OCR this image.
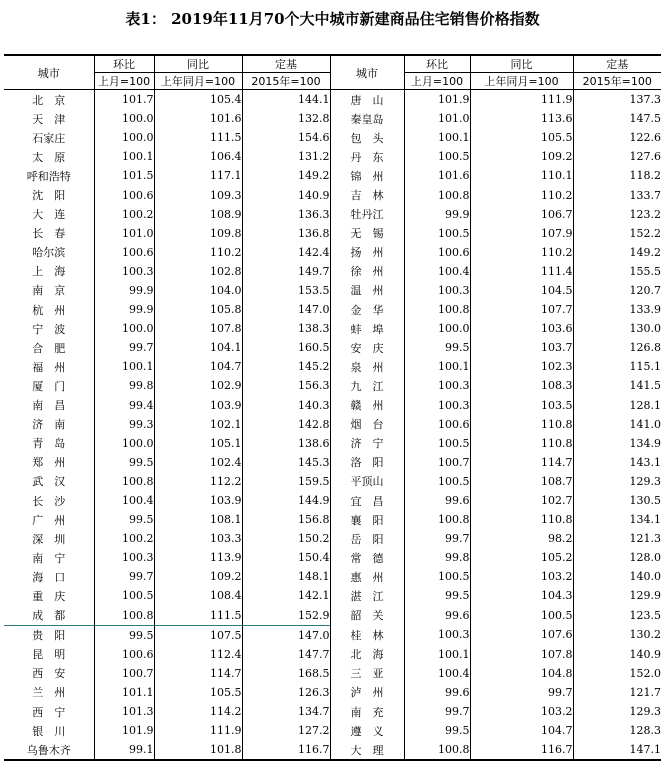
表1： 2019年11月70个大中城市新建商品住宅销售价格指数
城市	环比	同比	定基	城市	环比	同比	定基
	上月=100	上年同月=100	2015年=100		上月=100	上年同月=100	2015年=100
北　京	101.7	105.4	144.1	唐　山	101.9	111.9	137.3
天　津	100.0	101.6	132.8	秦皇岛	101.0	113.6	147.5
石家庄	100.0	111.5	154.6	包　头	100.1	105.5	122.6
太　原	100.1	106.4	131.2	丹　东	100.5	109.2	127.6
呼和浩特	101.5	117.1	149.2	锦　州	101.6	110.1	118.2
沈　阳	100.6	109.3	140.9	吉　林	100.8	110.2	133.7
大　连	100.2	108.9	136.3	牡丹江	99.9	106.7	123.2
长　春	101.0	109.8	136.8	无　锡	100.5	107.9	152.2
哈尔滨	100.6	110.2	142.4	扬　州	100.6	110.2	149.2
上　海	100.3	102.8	149.7	徐　州	100.4	111.4	155.5
南　京	99.9	104.0	153.5	温　州	100.3	104.5	120.7
杭　州	99.9	105.8	147.0	金　华	100.8	107.7	133.9
宁　波	100.0	107.8	138.3	蚌　埠	100.0	103.6	130.0
合　肥	99.7	104.1	160.5	安　庆	99.5	103.7	126.8
福　州	100.1	104.7	145.2	泉　州	100.1	102.3	115.1
厦　门	99.8	102.9	156.3	九　江	100.3	108.3	141.5
南　昌	99.4	103.9	140.3	赣　州	100.3	103.5	128.1
济　南	99.3	102.1	142.8	烟　台	100.6	110.8	141.0
青　岛	100.0	105.1	138.6	济　宁	100.5	110.8	134.9
郑　州	99.5	102.4	145.3	洛　阳	100.7	114.7	143.1
武　汉	100.8	112.2	159.5	平顶山	100.5	108.7	129.3
长　沙	100.4	103.9	144.9	宜　昌	99.6	102.7	130.5
广　州	99.5	108.1	156.8	襄　阳	100.8	110.8	134.1
深　圳	100.2	103.3	150.2	岳　阳	99.7	98.2	121.3
南　宁	100.3	113.9	150.4	常　德	99.8	105.2	128.0
海　口	99.7	109.2	148.1	惠　州	100.5	103.2	140.0
重　庆	100.5	108.4	142.1	湛　江	99.5	104.3	129.9
成　都	100.8	111.5	152.9	韶　关	99.6	100.5	123.5
贵　阳	99.5	107.5	147.0	桂　林	100.3	107.6	130.2
昆　明	100.6	112.4	147.7	北　海	100.1	107.8	140.9
西　安	100.7	114.7	168.5	三　亚	100.4	104.8	152.0
兰　州	101.1	105.5	126.3	泸　州	99.6	99.7	121.7
西　宁	101.3	114.2	134.7	南　充	99.7	103.2	129.3
银　川	101.9	111.9	127.2	遵　义	99.5	104.7	128.3
乌鲁木齐	99.1	101.8	116.7	大　理	100.8	116.7	147.1
